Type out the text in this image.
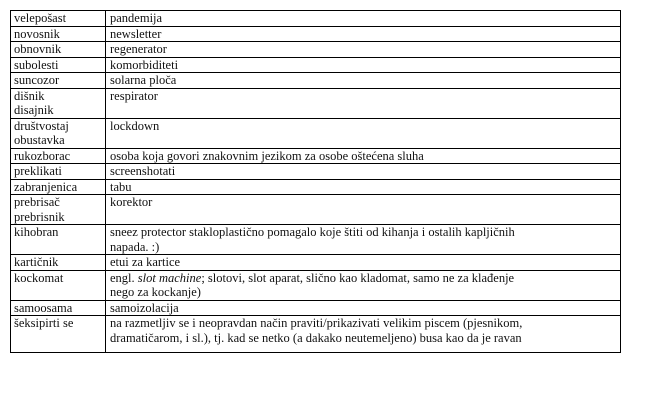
velepošast	pandemija

novosnik	newsletter

obnovnik	regenerator

subolesti	komorbiditeti

suncozor	solarna ploča

dišnik
disajnik	respirator

društvostaj
obustavka	lockdown

rukozborac	osoba koja govori znakovnim jezikom za osobe oštećena sluha

preklikati	screenshotati

zabranjenica	tabu

prebrisač
prebrisnik	korektor

kihobran	sneez protector stakloplastično pomagalo koje štiti od kihanja i ostalih kapljičnih
napada. :)

kartičnik	etui za kartice

kockomat	engl. slot machine; slotovi, slot aparat, slično kao kladomat, samo ne za klađenje
nego za kockanje)

samoosama	samoizolacija

šeksipirti se	na razmetljiv se i neopravdan način praviti/prikazivati velikim piscem (pjesnikom,
dramatičarom, i sl.), tj. kad se netko (a dakako neutemeljeno) busa kao da je ravan
